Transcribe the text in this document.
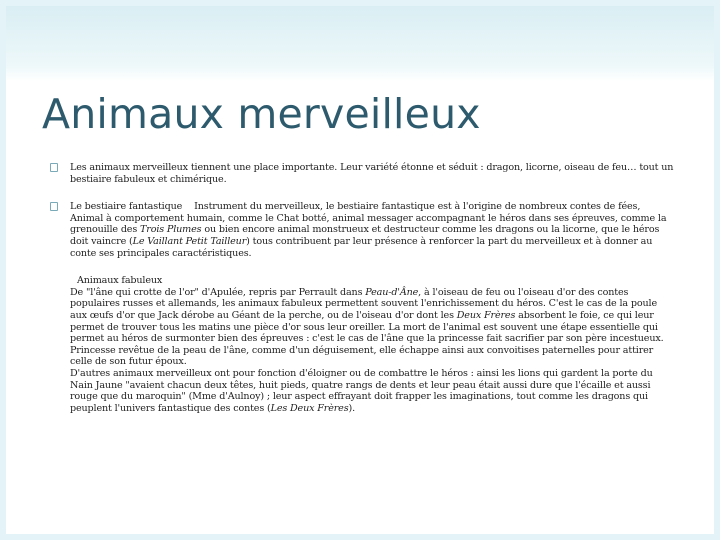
Animaux merveilleux
Les animaux merveilleux tiennent une place importante. Leur variété étonne et séduit : dragon, licorne, oiseau de feu… tout un bestiaire fabuleux et chimérique.

Le bestiaire fantastique Instrument du merveilleux, le bestiaire fantastique est à l'origine de nombreux contes de fées,

Animal à comportement humain, comme le Chat botté, animal messager accompagnant le héros dans ses épreuves, comme la grenouille des Trois Plumes ou bien encore animal monstrueux et destructeur comme les dragons ou la licorne, que le héros doit vaincre (Le Vaillant Petit Tailleur) tous contribuent par leur présence à renforcer la part du merveilleux et à donner au conte ses principales caractéristiques.

Animaux fabuleux

De "l'âne qui crotte de l'or" d'Apulée, repris par Perrault dans Peau-d'Âne, à l'oiseau de feu ou l'oiseau d'or des contes populaires russes et allemands, les animaux fabuleux permettent souvent l'enrichissement du héros. C'est le cas de la poule aux œufs d'or que Jack dérobe au Géant de la perche, ou de l'oiseau d'or dont les Deux Frères absorbent le foie, ce qui leur permet de trouver tous les matins une pièce d'or sous leur oreiller. La mort de l'animal est souvent une étape essentielle qui permet au héros de surmonter bien des épreuves : c'est le cas de l'âne que la princesse fait sacrifier par son père incestueux. Princesse revêtue de la peau de l'âne, comme d'un déguisement, elle échappe ainsi aux convoitises paternelles pour attirer celle de son futur époux.

D'autres animaux merveilleux ont pour fonction d'éloigner ou de combattre le héros : ainsi les lions qui gardent la porte du Nain Jaune "avaient chacun deux têtes, huit pieds, quatre rangs de dents et leur peau était aussi dure que l'écaille et aussi rouge que du maroquin" (Mme d'Aulnoy) ; leur aspect effrayant doit frapper les imaginations, tout comme les dragons qui peuplent l'univers fantastique des contes (Les Deux Frères).
